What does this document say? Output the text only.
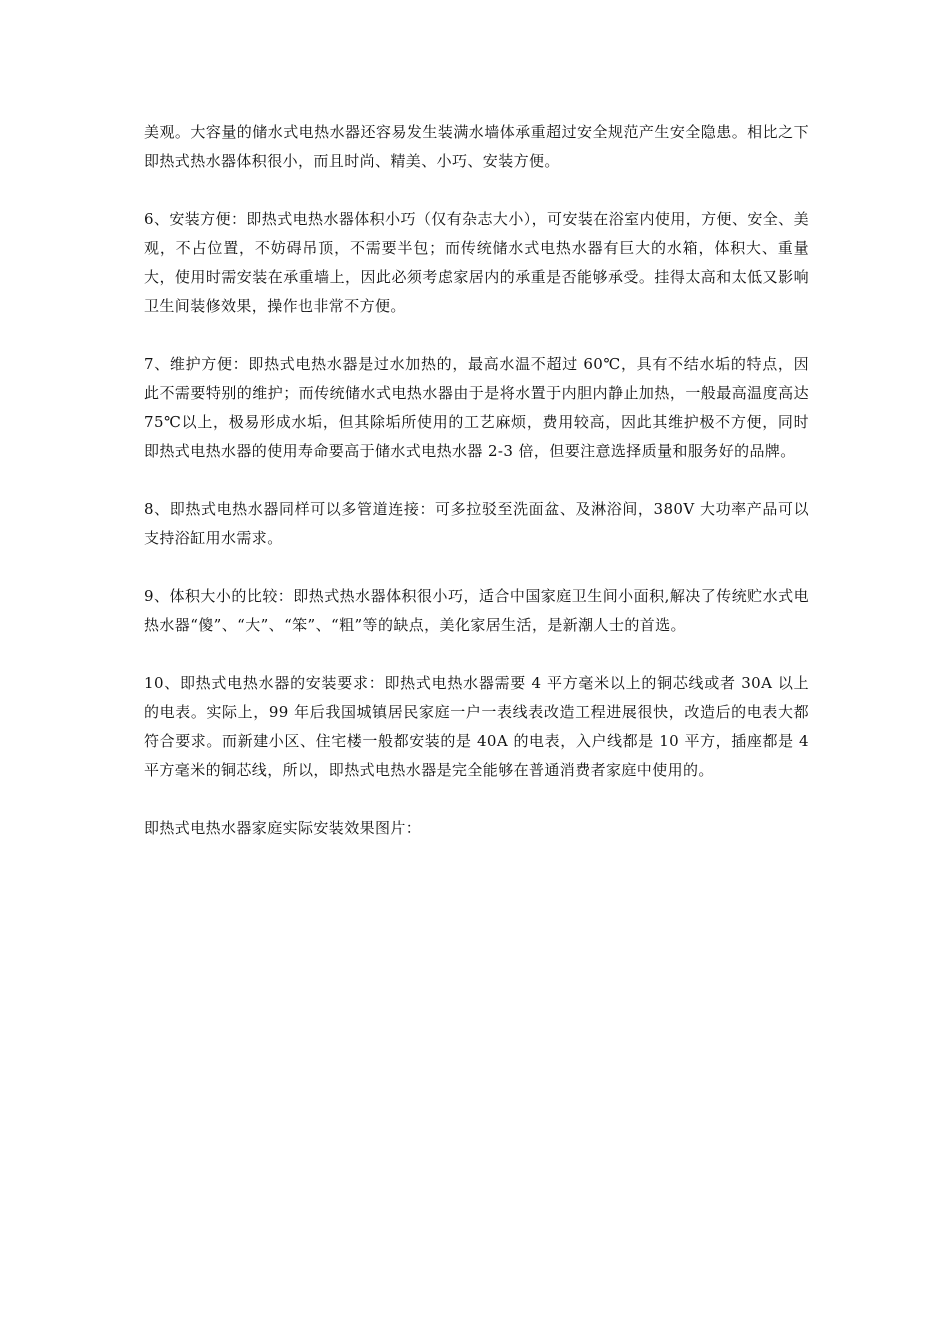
美观。大容量的储水式电热水器还容易发生装满水墙体承重超过安全规范产生安全隐患。相比之下即热式热水器体积很小，而且时尚、精美、小巧、安装方便。

6、安装方便：即热式电热水器体积小巧（仅有杂志大小），可安装在浴室内使用，方便、安全、美观，不占位置，不妨碍吊顶，不需要半包；而传统储水式电热水器有巨大的水箱，体积大、重量大，使用时需安装在承重墙上，因此必须考虑家居内的承重是否能够承受。挂得太高和太低又影响卫生间装修效果，操作也非常不方便。

7、维护方便：即热式电热水器是过水加热的，最高水温不超过 60℃，具有不结水垢的特点，因此不需要特别的维护；而传统储水式电热水器由于是将水置于内胆内静止加热，一般最高温度高达 75℃以上，极易形成水垢，但其除垢所使用的工艺麻烦，费用较高，因此其维护极不方便，同时即热式电热水器的使用寿命要高于储水式电热水器 2-3 倍，但要注意选择质量和服务好的品牌。

8、即热式电热水器同样可以多管道连接：可多拉驳至洗面盆、及淋浴间，380V 大功率产品可以支持浴缸用水需求。

9、体积大小的比较：即热式热水器体积很小巧，适合中国家庭卫生间小面积,解决了传统贮水式电热水器“傻”、“大”、“笨”、“粗”等的缺点，美化家居生活，是新潮人士的首选。

10、即热式电热水器的安装要求：即热式电热水器需要 4 平方毫米以上的铜芯线或者 30A 以上的电表。实际上，99 年后我国城镇居民家庭一户一表线表改造工程进展很快，改造后的电表大都符合要求。而新建小区、住宅楼一般都安装的是 40A 的电表，入户线都是 10 平方，插座都是 4 平方毫米的铜芯线，所以，即热式电热水器是完全能够在普通消费者家庭中使用的。

即热式电热水器家庭实际安装效果图片：
